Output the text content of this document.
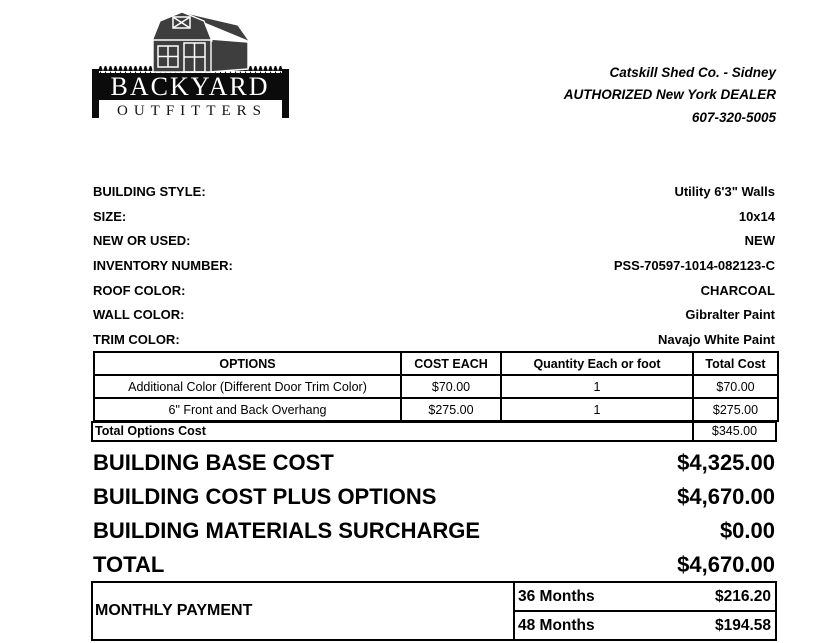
BACKYARD
OUTFITTERS
Catskill Shed Co. - Sidney
AUTHORIZED New York DEALER
607-320-5005
BUILDING STYLE:	Utility 6'3" Walls
SIZE:	10x14
NEW OR USED:	NEW
INVENTORY NUMBER:	PSS-70597-1014-082123-C
ROOF COLOR:	CHARCOAL
WALL COLOR:	Gibralter Paint
TRIM COLOR:	Navajo White Paint
OPTIONS	COST EACH	Quantity Each or foot	Total Cost
Additional Color (Different Door Trim Color)	$70.00	1	$70.00
6" Front and Back Overhang	$275.00	1	$275.00
Total Options Cost	$345.00
BUILDING BASE COST	$4,325.00
BUILDING COST PLUS OPTIONS	$4,670.00
BUILDING MATERIALS SURCHARGE	$0.00
TOTAL	$4,670.00
MONTHLY PAYMENT
36 Months	$216.20
48 Months	$194.58
